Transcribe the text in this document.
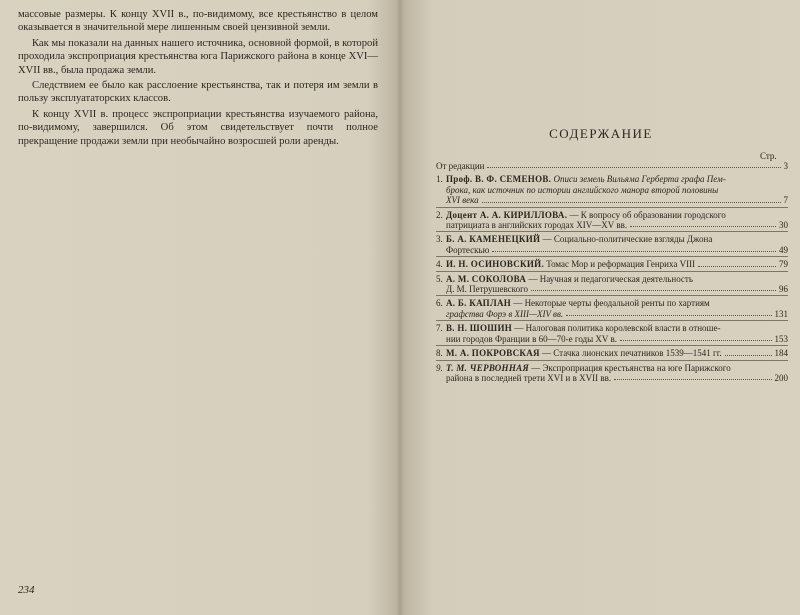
массовые размеры. К концу XVII в., по-видимому, все крестьянство в целом оказывается в значительной мере лишенным своей цензивной земли.

Как мы показали на данных нашего источника, основной формой, в которой проходила экспроприация крестьянства юга Парижского района в конце XVI—XVII вв., была продажа земли.

Следствием ее было как расслоение крестьянства, так и потеря им земли в пользу эксплуататорских классов.

К концу XVII в. процесс экспроприации крестьянства изучаемого района, по-видимому, завершился. Об этом свидетельствует почти полное прекращение продажи земли при необычайно возросшей роли аренды.

234
СОДЕРЖАНИЕ
Стр.
От редакции	3
1. Проф. В. Ф. СЕМЕНОВ. Описи земель Вильяма Герберта графа Пем-
брока, как источник по истории английского манора второй половины
XVI века	7
2. Доцент А. А. КИРИЛЛОВА. — К вопросу об образовании городского
патрициата в английских городах XIV—XV вв.	30
3. Б. А. КАМЕНЕЦКИЙ — Социально-политические взгляды Джона
Фортескью	49
4. И. Н. ОСИНОВСКИЙ. Томас Мор и реформация Генриха VIII	79
5. А. М. СОКОЛОВА — Научная и педагогическая деятельность
Д. М. Петрушевского	96
6. А. Б. КАПЛАН — Некоторые черты феодальной ренты по хартиям
графства Форэ в XIII—XIV вв.	131
7. В. Н. ШОШИН — Налоговая политика королевской власти в отноше-
нии городов Франции в 60—70-е годы XV в.	153
8. М. А. ПОКРОВСКАЯ — Стачка лионских печатников 1539—1541 гг.	184
9. Т. М. ЧЕРВОННАЯ — Экспроприация крестьянства на юге Парижского
района в последней трети XVI и в XVII вв.	200
